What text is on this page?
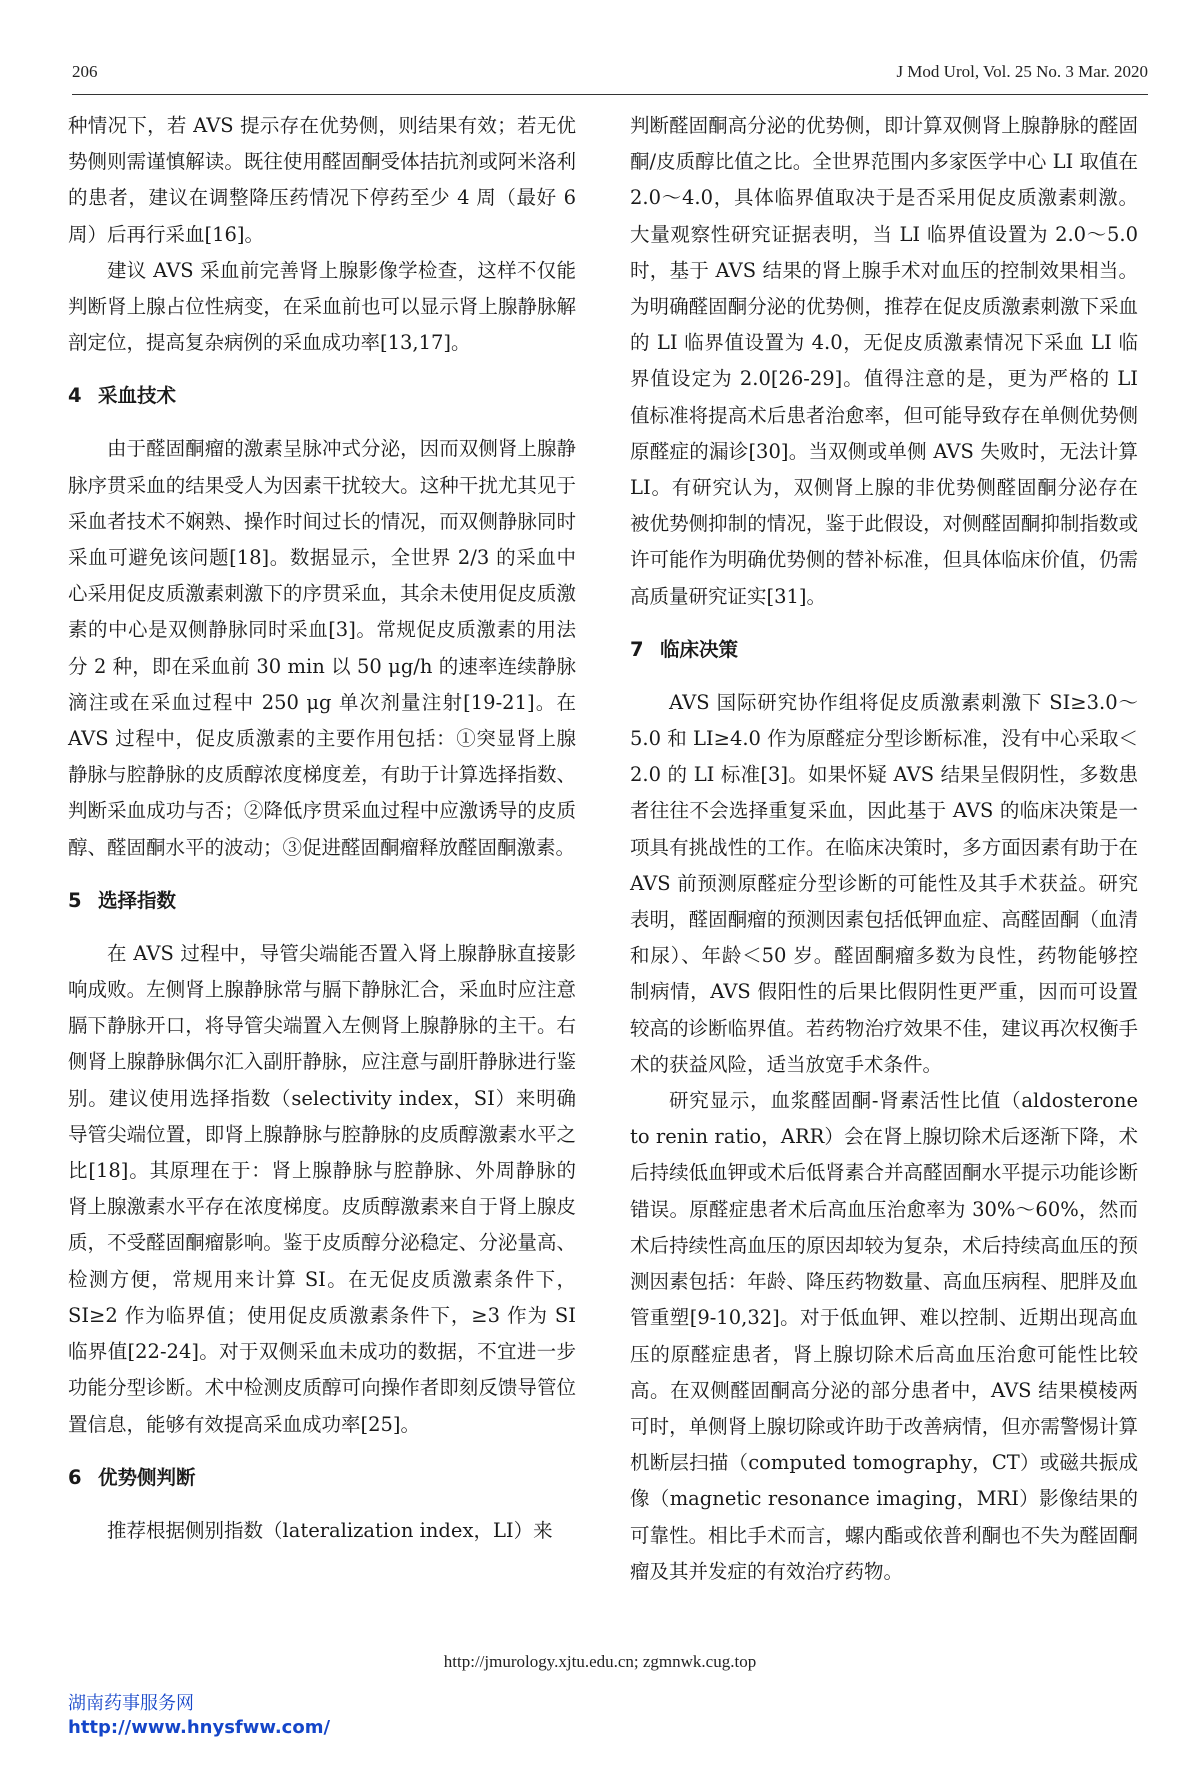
206	J Mod Urol, Vol. 25 No. 3 Mar. 2020

种情况下，若 AVS 提示存在优势侧，则结果有效；若无优势侧则需谨慎解读。既往使用醛固酮受体拮抗剂或阿米洛利的患者，建议在调整降压药情况下停药至少 4 周（最好 6 周）后再行采血[16]。

建议 AVS 采血前完善肾上腺影像学检查，这样不仅能判断肾上腺占位性病变，在采血前也可以显示肾上腺静脉解剖定位，提高复杂病例的采血成功率[13,17]。

4 采血技术

由于醛固酮瘤的激素呈脉冲式分泌，因而双侧肾上腺静脉序贯采血的结果受人为因素干扰较大。这种干扰尤其见于采血者技术不娴熟、操作时间过长的情况，而双侧静脉同时采血可避免该问题[18]。数据显示，全世界 2/3 的采血中心采用促皮质激素刺激下的序贯采血，其余未使用促皮质激素的中心是双侧静脉同时采血[3]。常规促皮质激素的用法分 2 种，即在采血前 30 min 以 50 μg/h 的速率连续静脉滴注或在采血过程中 250 μg 单次剂量注射[19-21]。在 AVS 过程中，促皮质激素的主要作用包括：①突显肾上腺静脉与腔静脉的皮质醇浓度梯度差，有助于计算选择指数、判断采血成功与否；②降低序贯采血过程中应激诱导的皮质醇、醛固酮水平的波动；③促进醛固酮瘤释放醛固酮激素。

5 选择指数

在 AVS 过程中，导管尖端能否置入肾上腺静脉直接影响成败。左侧肾上腺静脉常与膈下静脉汇合，采血时应注意膈下静脉开口，将导管尖端置入左侧肾上腺静脉的主干。右侧肾上腺静脉偶尔汇入副肝静脉，应注意与副肝静脉进行鉴别。建议使用选择指数（selectivity index，SI）来明确导管尖端位置，即肾上腺静脉与腔静脉的皮质醇激素水平之比[18]。其原理在于：肾上腺静脉与腔静脉、外周静脉的肾上腺激素水平存在浓度梯度。皮质醇激素来自于肾上腺皮质，不受醛固酮瘤影响。鉴于皮质醇分泌稳定、分泌量高、检测方便，常规用来计算 SI。在无促皮质激素条件下，SI≥2 作为临界值；使用促皮质激素条件下，≥3 作为 SI 临界值[22-24]。对于双侧采血未成功的数据，不宜进一步功能分型诊断。术中检测皮质醇可向操作者即刻反馈导管位置信息，能够有效提高采血成功率[25]。

6 优势侧判断

推荐根据侧别指数（lateralization index，LI）来

判断醛固酮高分泌的优势侧，即计算双侧肾上腺静脉的醛固酮/皮质醇比值之比。全世界范围内多家医学中心 LI 取值在 2.0～4.0，具体临界值取决于是否采用促皮质激素刺激。大量观察性研究证据表明，当 LI 临界值设置为 2.0～5.0 时，基于 AVS 结果的肾上腺手术对血压的控制效果相当。为明确醛固酮分泌的优势侧，推荐在促皮质激素刺激下采血的 LI 临界值设置为 4.0，无促皮质激素情况下采血 LI 临界值设定为 2.0[26-29]。值得注意的是，更为严格的 LI 值标准将提高术后患者治愈率，但可能导致存在单侧优势侧原醛症的漏诊[30]。当双侧或单侧 AVS 失败时，无法计算 LI。有研究认为，双侧肾上腺的非优势侧醛固酮分泌存在被优势侧抑制的情况，鉴于此假设，对侧醛固酮抑制指数或许可能作为明确优势侧的替补标准，但具体临床价值，仍需高质量研究证实[31]。

7 临床决策

AVS 国际研究协作组将促皮质激素刺激下 SI≥3.0～5.0 和 LI≥4.0 作为原醛症分型诊断标准，没有中心采取＜2.0 的 LI 标准[3]。如果怀疑 AVS 结果呈假阴性，多数患者往往不会选择重复采血，因此基于 AVS 的临床决策是一项具有挑战性的工作。在临床决策时，多方面因素有助于在 AVS 前预测原醛症分型诊断的可能性及其手术获益。研究表明，醛固酮瘤的预测因素包括低钾血症、高醛固酮（血清和尿）、年龄＜50 岁。醛固酮瘤多数为良性，药物能够控制病情，AVS 假阳性的后果比假阴性更严重，因而可设置较高的诊断临界值。若药物治疗效果不佳，建议再次权衡手术的获益风险，适当放宽手术条件。

研究显示，血浆醛固酮-肾素活性比值（aldosterone to renin ratio，ARR）会在肾上腺切除术后逐渐下降，术后持续低血钾或术后低肾素合并高醛固酮水平提示功能诊断错误。原醛症患者术后高血压治愈率为 30%～60%，然而术后持续性高血压的原因却较为复杂，术后持续高血压的预测因素包括：年龄、降压药物数量、高血压病程、肥胖及血管重塑[9-10,32]。对于低血钾、难以控制、近期出现高血压的原醛症患者，肾上腺切除术后高血压治愈可能性比较高。在双侧醛固酮高分泌的部分患者中，AVS 结果模棱两可时，单侧肾上腺切除或许助于改善病情，但亦需警惕计算机断层扫描（computed tomography，CT）或磁共振成像（magnetic resonance imaging，MRI）影像结果的可靠性。相比手术而言，螺内酯或依普利酮也不失为醛固酮瘤及其并发症的有效治疗药物。

http://jmurology.xjtu.edu.cn; zgmnwk.cug.top
湖南药事服务网
http://www.hnysfww.com/
